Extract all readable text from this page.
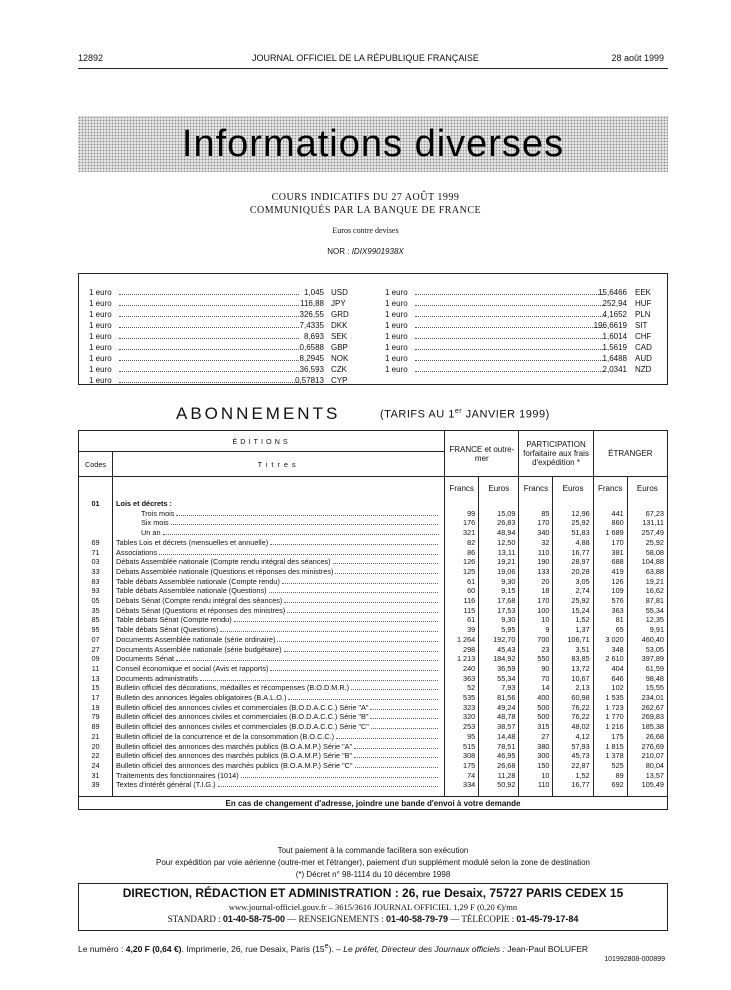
12892	JOURNAL OFFICIEL DE LA RÉPUBLIQUE FRANÇAISE	28 août 1999
Informations diverses
COURS INDICATIFS DU 27 AOÛT 1999
COMMUNIQUÉS PAR LA BANQUE DE FRANCE
Euros contre devises
NOR : IDIX9901938X
1 euro	1,045 USD
1 euro	116,88 JPY
1 euro	326,55 GRD
1 euro	7,4335 DKK
1 euro	8,693 SEK
1 euro	0,6588 GBP
1 euro	8,2945 NOK
1 euro	36,593 CZK
1 euro	0,57813 CYP
1 euro	15,6466 EEK
1 euro	252,94 HUF
1 euro	4,1652 PLN
1 euro	196,6619 SIT
1 euro	1,6014 CHF
1 euro	1,5619 CAD
1 euro	1,6488 AUD
1 euro	2,0341 NZD
ABONNEMENTS	(TARIFS AU 1er JANVIER 1999)
ÉDITIONS		FRANCE et outre-mer		PARTICIPATION forfaitaire aux frais d'expédition *		ÉTRANGER	
Codes	Titres						
		Francs	Euros	Francs	Euros	Francs	Euros

01	Lois et décrets :						
	Trois mois	99	15,09	85	12,96	441	67,23
	Six mois	176	26,83	170	25,92	860	131,11
	Un an	321	48,94	340	51,83	1 689	257,49
69	Tables Lois et décrets (mensuelles et annuelle)	82	12,50	32	4,88	170	25,92
71	Associations	86	13,11	110	16,77	381	58,08
03	Débats Assemblée nationale (Compte rendu intégral des séances)	126	19,21	190	28,97	688	104,88
33	Débats Assemblée nationale (Questions et réponses des ministres)	125	19,06	133	20,28	419	63,88
83	Table débats Assemblée nationale (Compte rendu)	61	9,30	20	3,05	126	19,21
93	Table débats Assemblée nationale (Questions)	60	9,15	18	2,74	109	16,62
05	Débats Sénat (Compte rendu intégral des séances)	116	17,68	170	25,92	576	87,81
35	Débats Sénat (Questions et réponses des ministres)	115	17,53	100	15,24	363	55,34
85	Table débats Sénat (Compte rendu)	61	9,30	10	1,52	81	12,35
95	Table débats Sénat (Questions)	39	5,95	9	1,37	65	9,91
07	Documents Assemblée nationale (série ordinaire)	1 264	192,70	700	106,71	3 020	460,40
27	Documents Assemblée nationale (série budgétaire)	298	45,43	23	3,51	348	53,05
09	Documents Sénat	1 213	184,92	550	83,85	2 610	397,89
11	Conseil économique et social (Avis et rapports)	240	36,59	90	13,72	404	61,59
13	Documents administratifs	363	55,34	70	10,67	646	98,48
15	Bulletin officiel des décorations, médailles et récompenses (B.O.D.M.R.)	52	7,93	14	2,13	102	15,55
17	Bulletin des annonces légales obligatoires (B.A.L.O.)	535	81,56	400	60,98	1 535	234,01
19	Bulletin officiel des annonces civiles et commerciales (B.O.D.A.C.C.) Série "A"	323	49,24	500	76,22	1 723	262,67
79	Bulletin officiel des annonces civiles et commerciales (B.O.D.A.C.C.) Série "B"	320	48,78	500	76,22	1 770	269,83
89	Bulletin officiel des annonces civiles et commerciales (B.O.D.A.C.C.) Série "C"	253	38,57	315	48,02	1 216	185,38
21	Bulletin officiel de la concurrence et de la consommation (B.O.C.C.)	95	14,48	27	4,12	175	26,68
20	Bulletin officiel des annonces des marchés publics (B.O.A.M.P.) Série "A"	515	78,51	380	57,93	1 815	276,69
22	Bulletin officiel des annonces des marchés publics (B.O.A.M.P.) Série "B"	308	46,95	300	45,73	1 378	210,07
24	Bulletin officiel des annonces des marchés publics (B.O.A.M.P.) Série "C"	175	26,68	150	22,87	525	80,04
31	Traitements des fonctionnaires (1014)	74	11,28	10	1,52	89	13,57
39	Textes d'intérêt général (T.I.G.)	334	50,92	110	16,77	692	105,49

En cas de changement d'adresse, joindre une bande d'envoi à votre demande							
Tout paiement à la commande facilitera son exécution
Pour expédition par voie aérienne (outre-mer et l'étranger), paiement d'un supplément modulé selon la zone de destination
(*) Décret n° 98-1114 du 10 décembre 1998
DIRECTION, RÉDACTION ET ADMINISTRATION : 26, rue Desaix, 75727 PARIS CEDEX 15
www.journal-officiel.gouv.fr – 3615/3616 JOURNAL OFFICIEL 1,29 F (0,20 €)/mn
STANDARD : 01-40-58-75-00 — RENSEIGNEMENTS : 01-40-58-79-79 — TÉLÉCOPIE : 01-45-79-17-84
Le numéro : 4,20 F (0,64 €). Imprimerie, 26, rue Desaix, Paris (15e). – Le préfet, Directeur des Journaux officiels : Jean-Paul BOLUFER
101992808-000899
